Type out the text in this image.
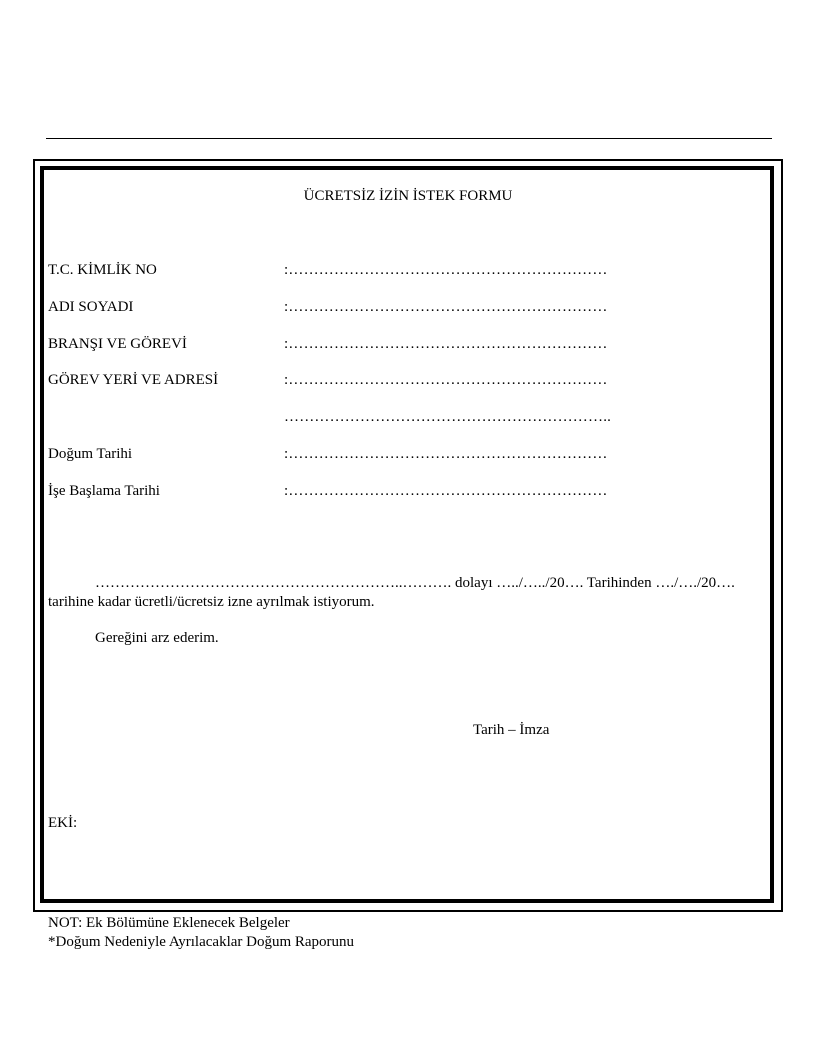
ÜCRETSİZ İZİN İSTEK FORMU
T.C. KİMLİK NO	:………………………………………………………
ADI SOYADI	:………………………………………………………
BRANŞI VE GÖREVİ	:………………………………………………………
GÖREV YERİ VE ADRESİ	:………………………………………………………
………………………………………………………..
Doğum Tarihi	:………………………………………………………
İşe Başlama Tarihi	:………………………………………………………
……………………………………………………..………. dolayı …../…../20…. Tarihinden …./…./20….
tarihine kadar ücretli/ücretsiz izne ayrılmak istiyorum.
Gereğini arz ederim.
Tarih – İmza
EKİ:
NOT: Ek Bölümüne Eklenecek Belgeler
*Doğum Nedeniyle Ayrılacaklar Doğum Raporunu
